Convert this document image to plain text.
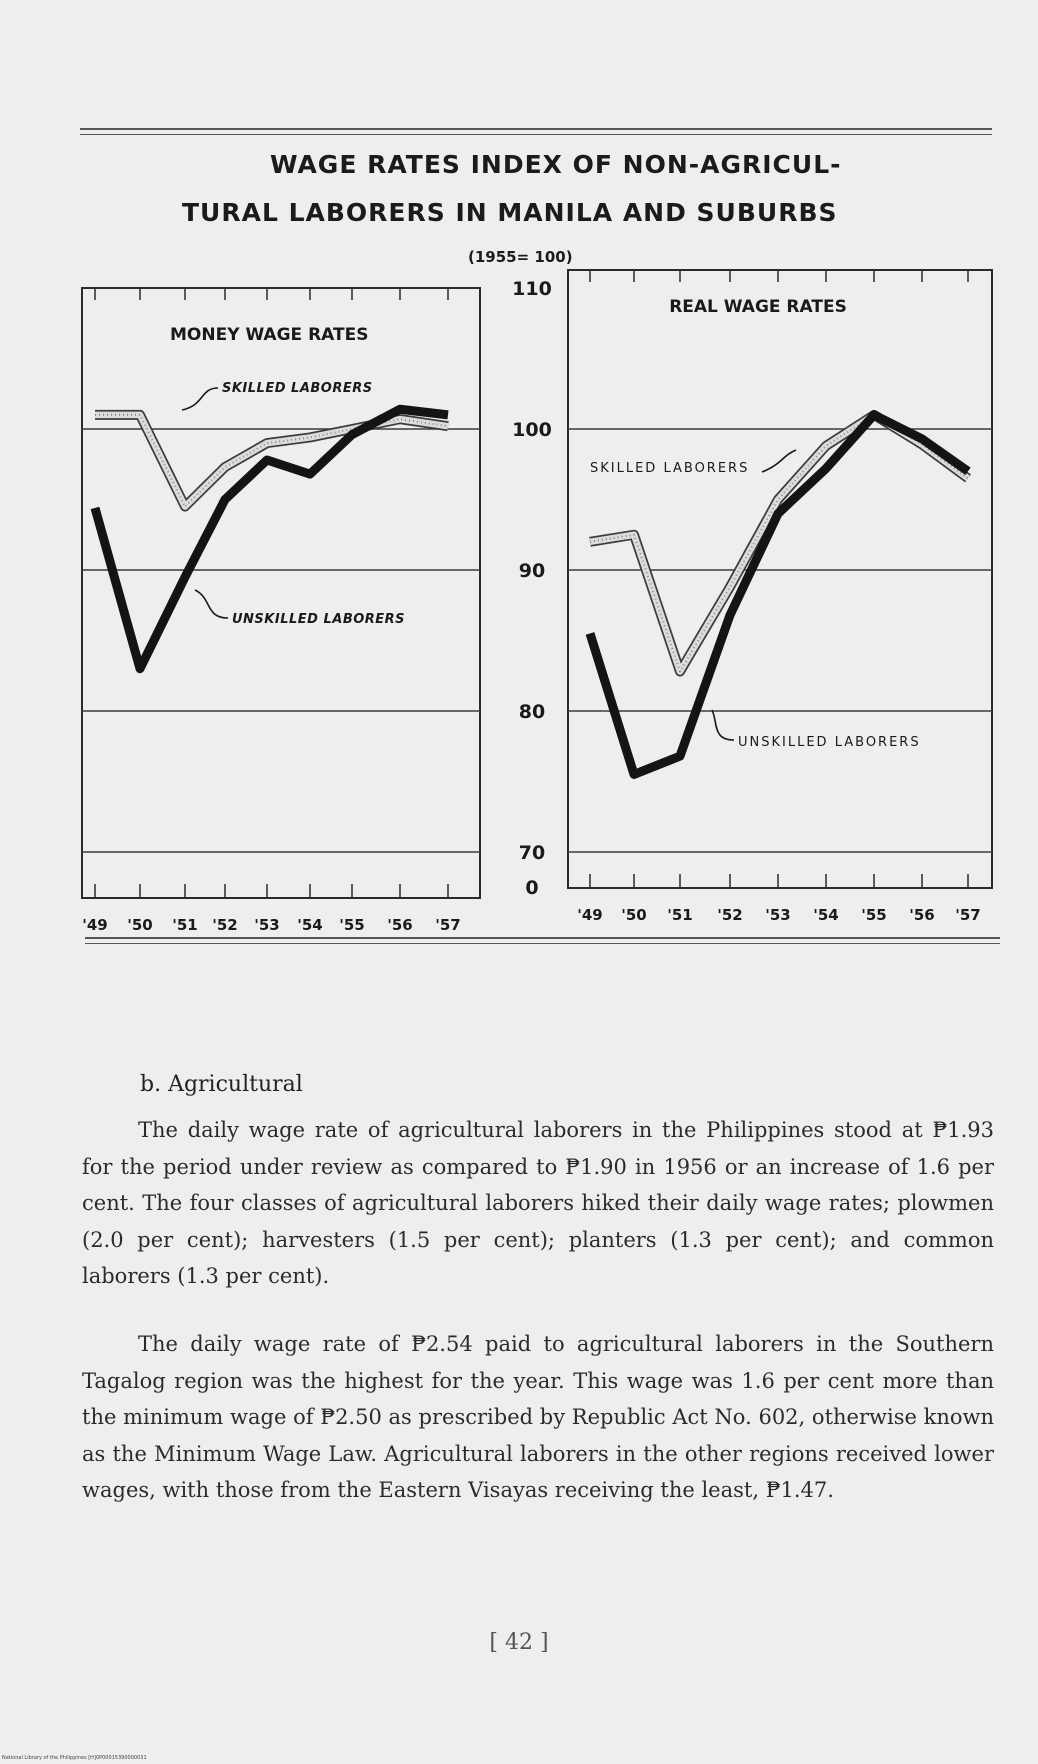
WAGE RATES INDEX OF NON-AGRICUL-
TURAL LABORERS IN MANILA AND SUBURBS
(1955= 100)
110
100
90
80
70
0
'49 '50 '51 '52 '53 '54 '55 '56 '57
MONEY WAGE RATES
'49 '50 '51 '52 '53 '54 '55 '56 '57
REAL WAGE RATES
SKILLED LABORERS
UNSKILLED LABORERS
SKILLED LABORERS
UNSKILLED LABORERS
b. Agricultural

The daily wage rate of agricultural laborers in the Philippines stood at ₱1.93 for the period under review as compared to ₱1.90 in 1956 or an increase of 1.6 per cent. The four classes of agricultural laborers hiked their daily wage rates; plowmen (2.0 per cent); harvesters (1.5 per cent); planters (1.3 per cent); and common laborers (1.3 per cent).

The daily wage rate of ₱2.54 paid to agricultural laborers in the Southern Tagalog region was the highest for the year. This wage was 1.6 per cent more than the minimum wage of ₱2.50 as prescribed by Republic Act No. 602, otherwise known as the Minimum Wage Law. Agricultural laborers in the other regions received lower wages, with those from the Eastern Visayas receiving the least, ₱1.47.

[ 42 ]
National Library of the Philippines [H]0P00015390000031
